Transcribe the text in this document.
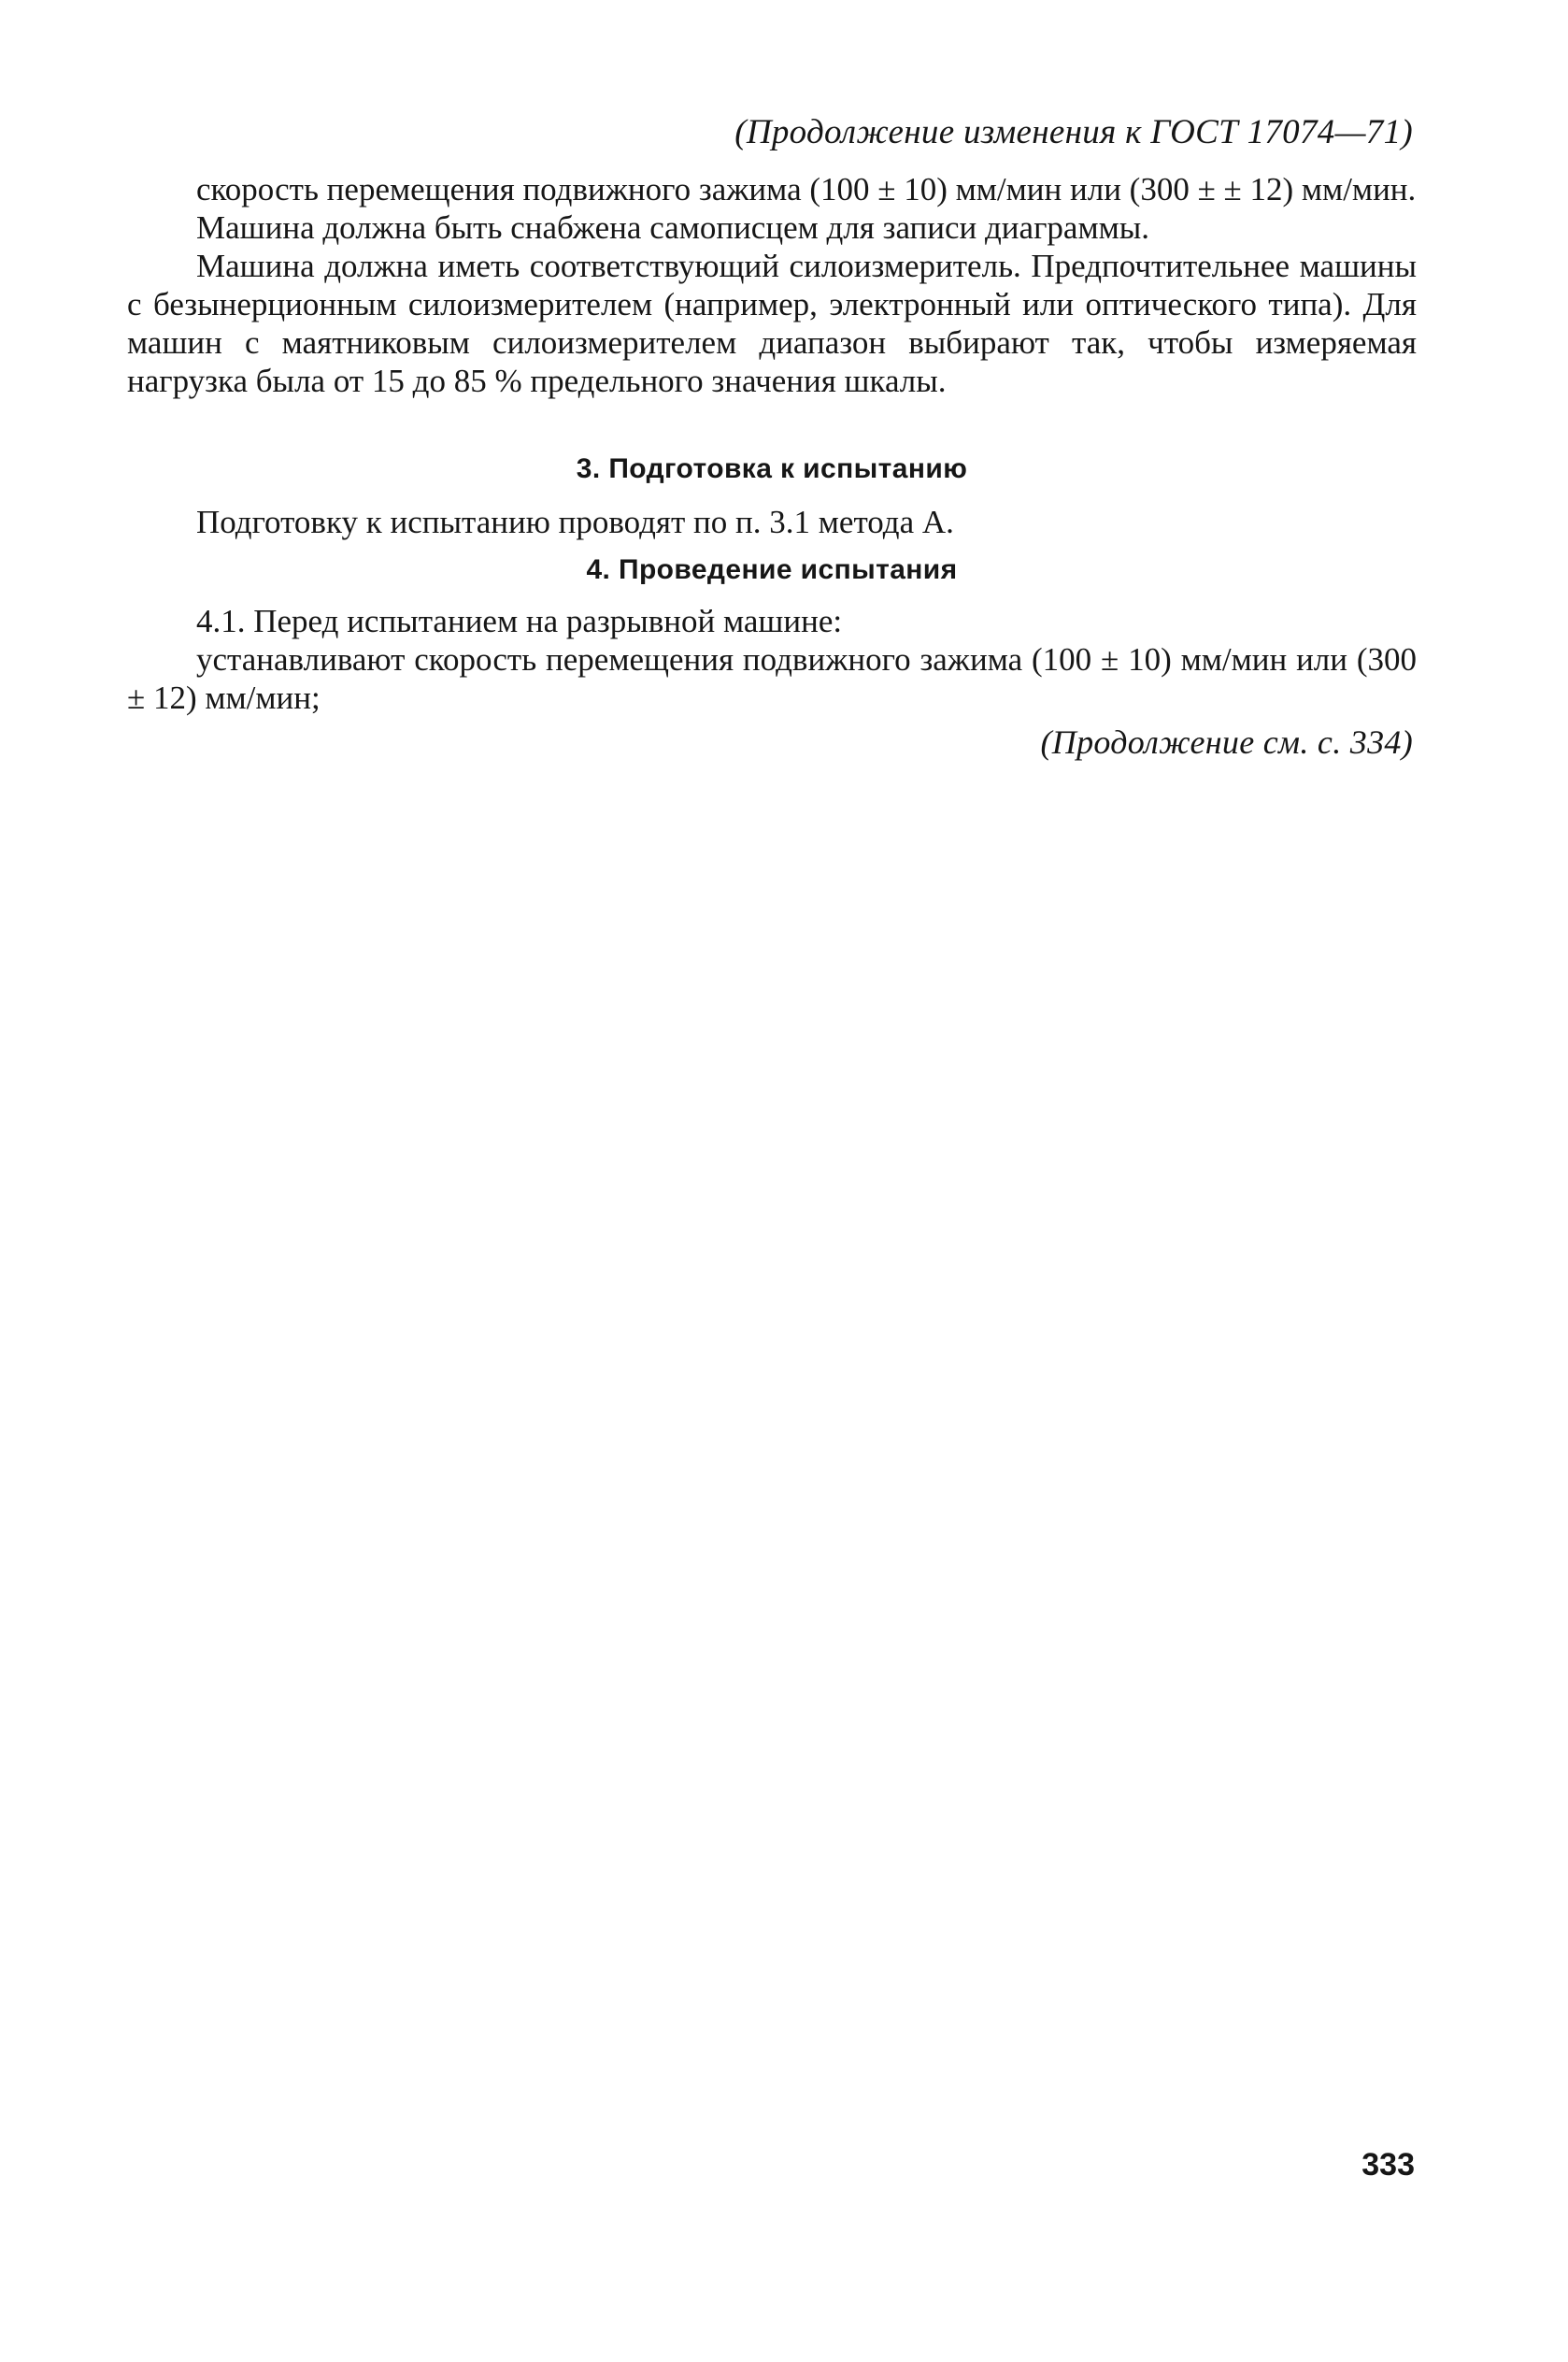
(Продолжение изменения к ГОСТ 17074—71)

скорость перемещения подвижного зажима (100 ± 10) мм/мин или (300 ± ± 12) мм/мин.

Машина должна быть снабжена самописцем для записи диаграммы.

Машина должна иметь соответствующий силоизмеритель. Предпочтительнее машины с безынерционным силоизмерителем (например, электронный или оптического типа). Для машин с маятниковым силоизмерителем диапазон выбирают так, чтобы измеряемая нагрузка была от 15 до 85 % предельного значения шкалы.

3. Подготовка к испытанию
Подготовку к испытанию проводят по п. 3.1 метода А.
4. Проведение испытания

4.1. Перед испытанием на разрывной машине:

устанавливают скорость перемещения подвижного зажима (100 ± 10) мм/мин или (300 ± 12) мм/мин;

(Продолжение см. с. 334)
333
